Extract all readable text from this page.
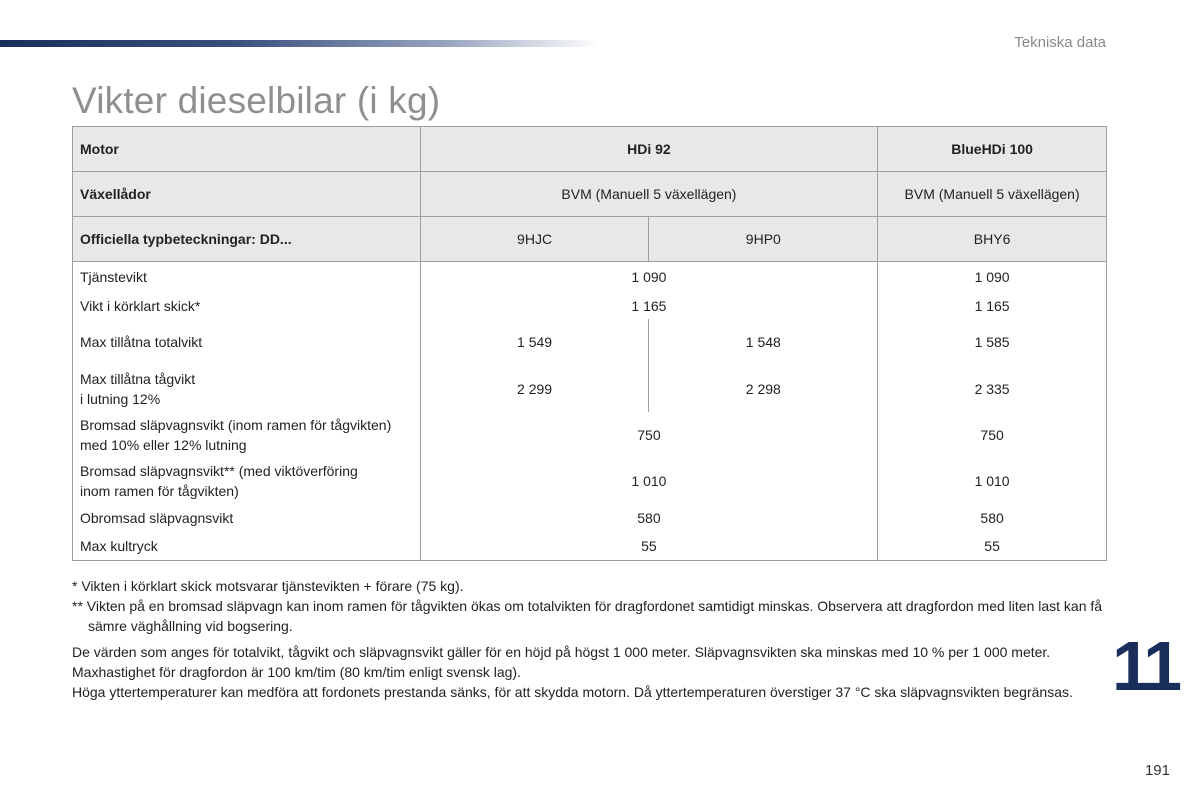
Tekniska data
Vikter dieselbilar (i kg)
Motor	HDi 92		BlueHDi 100
Växellådor	BVM (Manuell 5 växellägen)		BVM (Manuell 5 växellägen)
Officiella typbeteckningar: DD...	9HJC	9HP0	BHY6
Tjänstevikt	1 090		1 090
Vikt i körklart skick*	1 165		1 165
Max tillåtna totalvikt	1 549	1 548	1 585
Max tillåtna tågvikt
i lutning 12%	2 299	2 298	2 335
Bromsad släpvagnsvikt (inom ramen för tågvikten)
med 10% eller 12% lutning	750		750
Bromsad släpvagnsvikt** (med viktöverföring
inom ramen för tågvikten)	1 010		1 010
Obromsad släpvagnsvikt	580		580
Max kultryck	55		55

* Vikten i körklart skick motsvarar tjänstevikten + förare (75 kg).

** Vikten på en bromsad släpvagn kan inom ramen för tågvikten ökas om totalvikten för dragfordonet samtidigt minskas. Observera att dragfordon med liten last kan få sämre väghållning vid bogsering.

De värden som anges för totalvikt, tågvikt och släpvagnsvikt gäller för en höjd på högst 1 000 meter. Släpvagnsvikten ska minskas med 10 % per 1 000 meter.

Maxhastighet för dragfordon är 100 km/tim (80 km/tim enligt svensk lag).

Höga yttertemperaturer kan medföra att fordonets prestanda sänks, för att skydda motorn. Då yttertemperaturen överstiger 37 °C ska släpvagnsvikten begränsas. 11
191
